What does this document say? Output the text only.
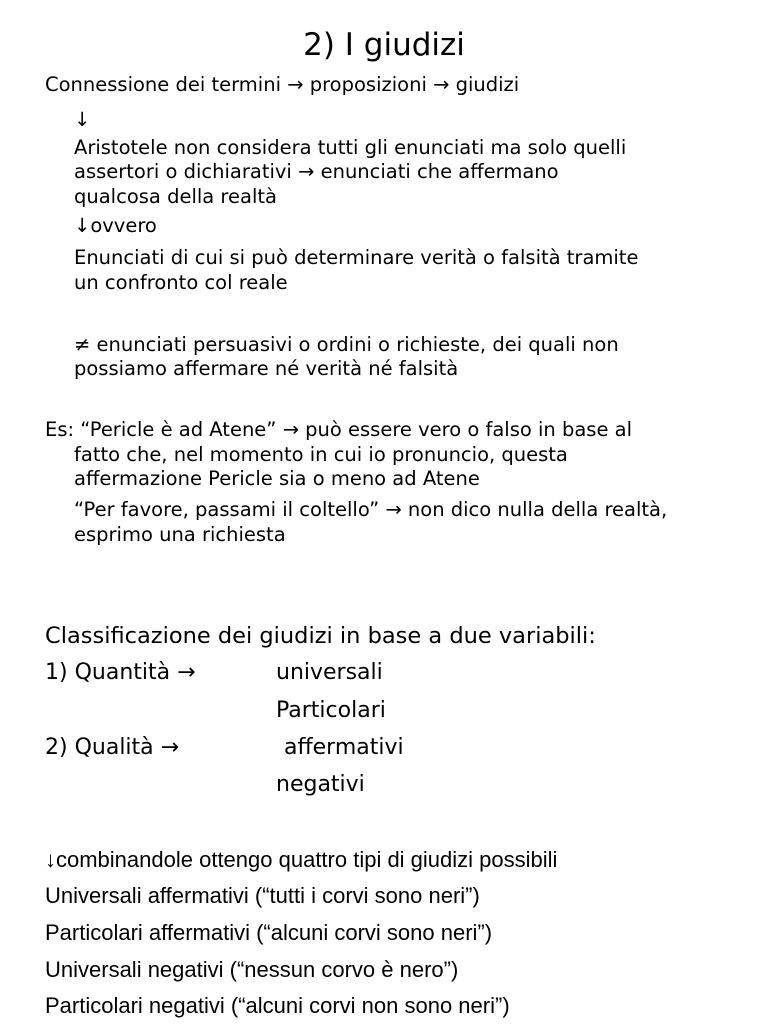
2) I giudizi
Connessione dei termini → proposizioni → giudizi
↓
Aristotele non considera tutti gli enunciati ma solo quelli
assertori o dichiarativi → enunciati che affermano
qualcosa della realtà
↓ovvero
Enunciati di cui si può determinare verità o falsità tramite
un confronto col reale
≠ enunciati persuasivi o ordini o richieste, dei quali non
possiamo affermare né verità né falsità
Es: “Pericle è ad Atene” → può essere vero o falso in base al
fatto che, nel momento in cui io pronuncio, questa
affermazione Pericle sia o meno ad Atene
“Per favore, passami il coltello” → non dico nulla della realtà,
esprimo una richiesta
Classificazione dei giudizi in base a due variabili:
1) Quantità →	universali
Particolari
2) Qualità →	affermativi
negativi
↓combinandole ottengo quattro tipi di giudizi possibili
Universali affermativi (“tutti i corvi sono neri”)
Particolari affermativi (“alcuni corvi sono neri”)
Universali negativi (“nessun corvo è nero”)
Particolari negativi (“alcuni corvi non sono neri”)
